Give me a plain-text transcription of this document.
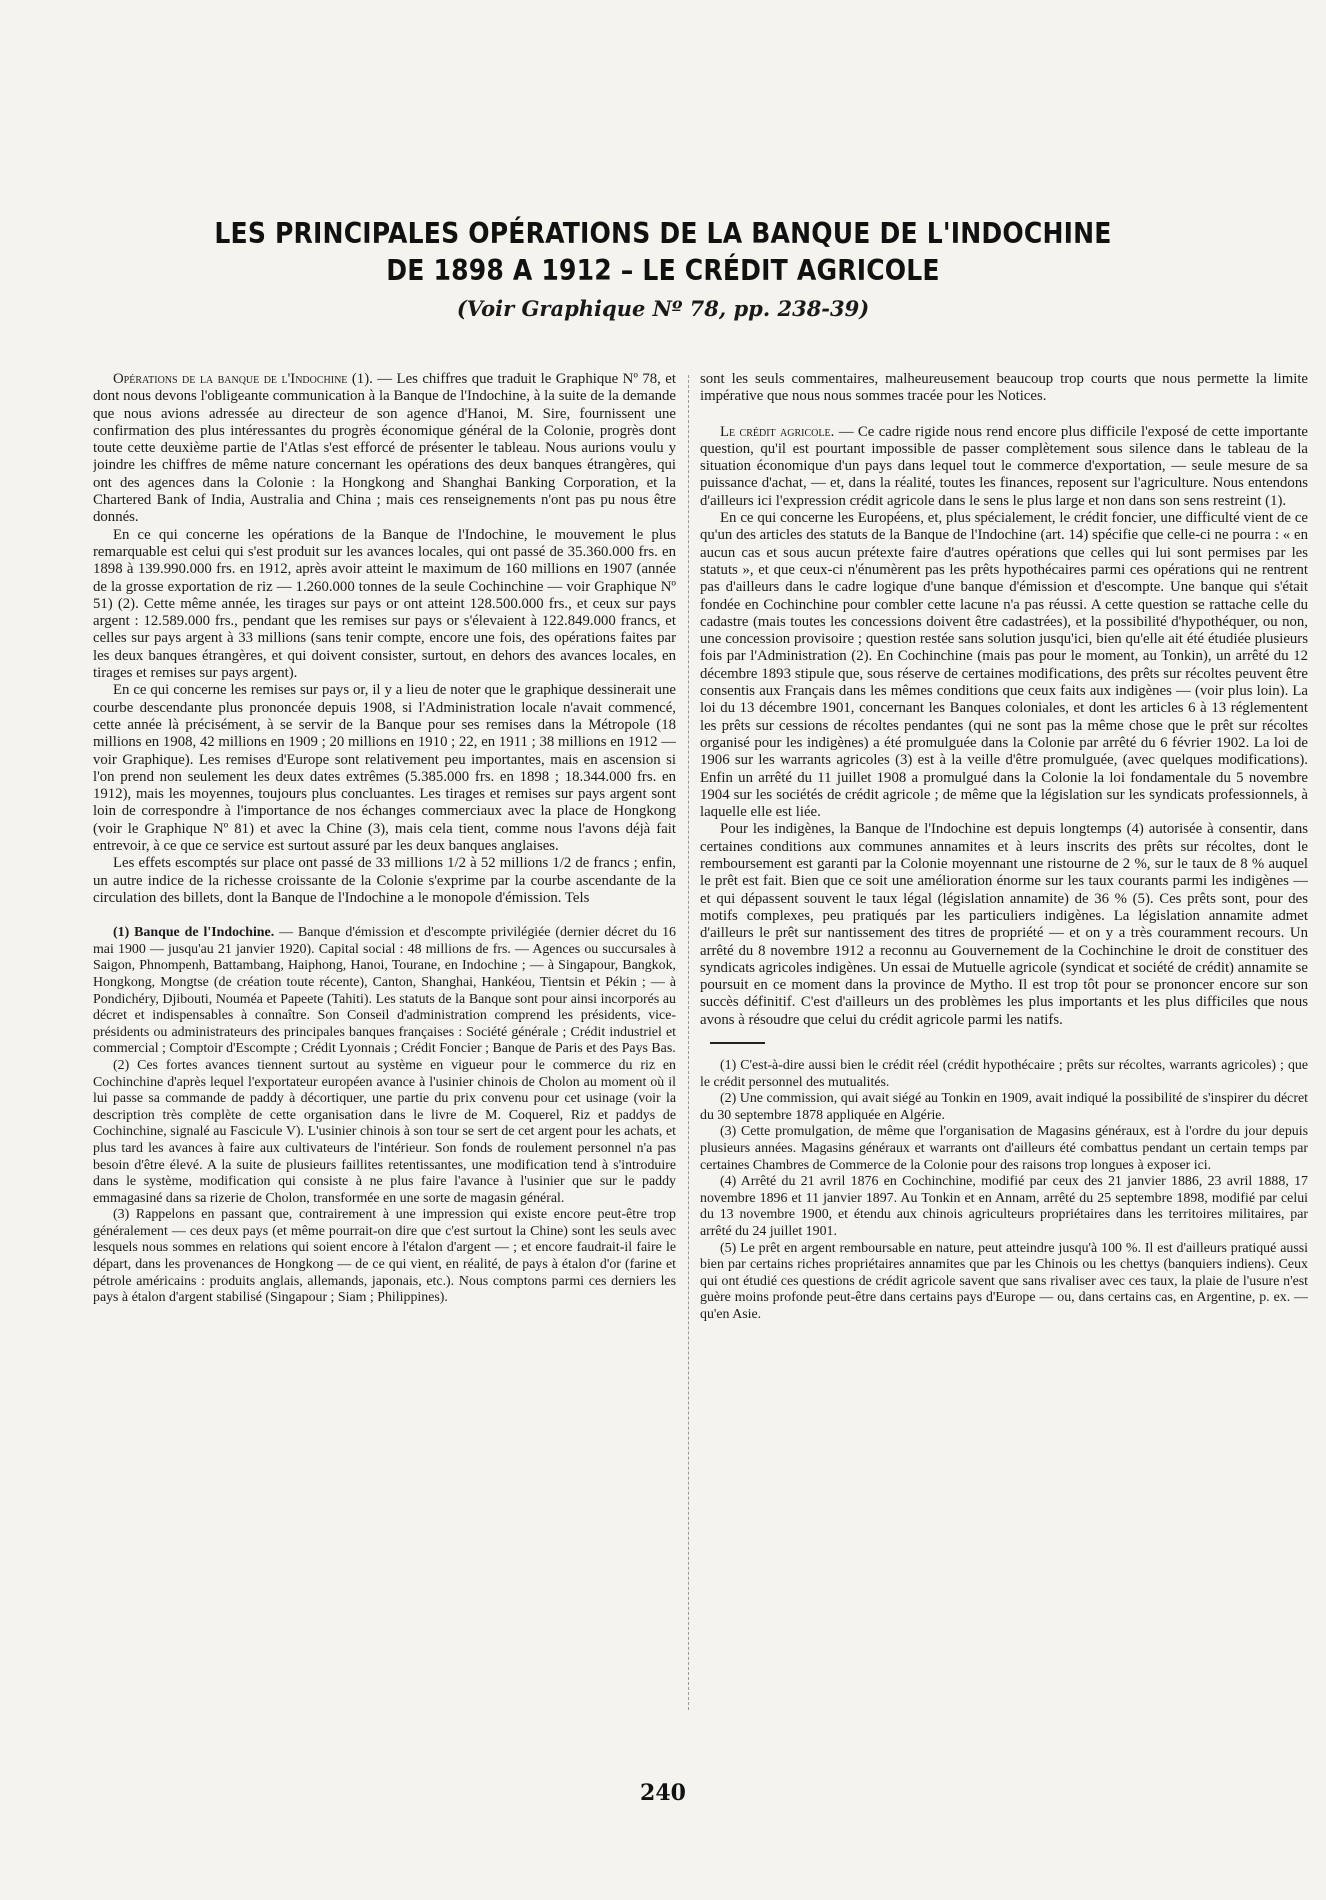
LES PRINCIPALES OPÉRATIONS DE LA BANQUE DE L'INDOCHINE
DE 1898 A 1912 – LE CRÉDIT AGRICOLE
(Voir Graphique Nº 78, pp. 238-39)

Opérations de la banque de l'Indochine (1). — Les chiffres que traduit le Graphique Nº 78, et dont nous devons l'obligeante communication à la Banque de l'Indochine, à la suite de la demande que nous avions adressée au directeur de son agence d'Hanoi, M. Sire, fournissent une confirmation des plus intéressantes du progrès économique général de la Colonie, progrès dont toute cette deuxième partie de l'Atlas s'est efforcé de présenter le tableau. Nous aurions voulu y joindre les chiffres de même nature concernant les opérations des deux banques étrangères, qui ont des agences dans la Colonie : la Hongkong and Shanghai Banking Corporation, et la Chartered Bank of India, Australia and China ; mais ces renseignements n'ont pas pu nous être donnés.

En ce qui concerne les opérations de la Banque de l'Indochine, le mouvement le plus remarquable est celui qui s'est produit sur les avances locales, qui ont passé de 35.360.000 frs. en 1898 à 139.990.000 frs. en 1912, après avoir atteint le maximum de 160 millions en 1907 (année de la grosse exportation de riz — 1.260.000 tonnes de la seule Cochinchine — voir Graphique Nº 51) (2). Cette même année, les tirages sur pays or ont atteint 128.500.000 frs., et ceux sur pays argent : 12.589.000 frs., pendant que les remises sur pays or s'élevaient à 122.849.000 francs, et celles sur pays argent à 33 millions (sans tenir compte, encore une fois, des opérations faites par les deux banques étrangères, et qui doivent consister, surtout, en dehors des avances locales, en tirages et remises sur pays argent).

En ce qui concerne les remises sur pays or, il y a lieu de noter que le graphique dessinerait une courbe descendante plus prononcée depuis 1908, si l'Administration locale n'avait commencé, cette année là précisément, à se servir de la Banque pour ses remises dans la Métropole (18 millions en 1908, 42 millions en 1909 ; 20 millions en 1910 ; 22, en 1911 ; 38 millions en 1912 — voir Graphique). Les remises d'Europe sont relativement peu importantes, mais en ascension si l'on prend non seulement les deux dates extrêmes (5.385.000 frs. en 1898 ; 18.344.000 frs. en 1912), mais les moyennes, toujours plus concluantes. Les tirages et remises sur pays argent sont loin de correspondre à l'importance de nos échanges commerciaux avec la place de Hongkong (voir le Graphique Nº 81) et avec la Chine (3), mais cela tient, comme nous l'avons déjà fait entrevoir, à ce que ce service est surtout assuré par les deux banques anglaises.

Les effets escomptés sur place ont passé de 33 millions 1/2 à 52 millions 1/2 de francs ; enfin, un autre indice de la richesse croissante de la Colonie s'exprime par la courbe ascendante de la circulation des billets, dont la Banque de l'Indochine a le monopole d'émission. Tels

(1) Banque de l'Indochine. — Banque d'émission et d'escompte privilégiée (dernier décret du 16 mai 1900 — jusqu'au 21 janvier 1920). Capital social : 48 millions de frs. — Agences ou succursales à Saigon, Phnompenh, Battambang, Haiphong, Hanoi, Tourane, en Indochine ; — à Singapour, Bangkok, Hongkong, Mongtse (de création toute récente), Canton, Shanghai, Hankéou, Tientsin et Pékin ; — à Pondichéry, Djibouti, Nouméa et Papeete (Tahiti). Les statuts de la Banque sont pour ainsi incorporés au décret et indispensables à connaître. Son Conseil d'administration comprend les présidents, vice-présidents ou administrateurs des principales banques françaises : Société générale ; Crédit industriel et commercial ; Comptoir d'Escompte ; Crédit Lyonnais ; Crédit Foncier ; Banque de Paris et des Pays Bas.

(2) Ces fortes avances tiennent surtout au système en vigueur pour le commerce du riz en Cochinchine d'après lequel l'exportateur européen avance à l'usinier chinois de Cholon au moment où il lui passe sa commande de paddy à décortiquer, une partie du prix convenu pour cet usinage (voir la description très complète de cette organisation dans le livre de M. Coquerel, Riz et paddys de Cochinchine, signalé au Fascicule V). L'usinier chinois à son tour se sert de cet argent pour les achats, et plus tard les avances à faire aux cultivateurs de l'intérieur. Son fonds de roulement personnel n'a pas besoin d'être élevé. A la suite de plusieurs faillites retentissantes, une modification tend à s'introduire dans le système, modification qui consiste à ne plus faire l'avance à l'usinier que sur le paddy emmagasiné dans sa rizerie de Cholon, transformée en une sorte de magasin général.

(3) Rappelons en passant que, contrairement à une impression qui existe encore peut-être trop généralement — ces deux pays (et même pourrait-on dire que c'est surtout la Chine) sont les seuls avec lesquels nous sommes en relations qui soient encore à l'étalon d'argent — ; et encore faudrait-il faire le départ, dans les provenances de Hongkong — de ce qui vient, en réalité, de pays à étalon d'or (farine et pétrole américains : produits anglais, allemands, japonais, etc.). Nous comptons parmi ces derniers les pays à étalon d'argent stabilisé (Singapour ; Siam ; Philippines).

sont les seuls commentaires, malheureusement beaucoup trop courts que nous permette la limite impérative que nous nous sommes tracée pour les Notices.

Le crédit agricole. — Ce cadre rigide nous rend encore plus difficile l'exposé de cette importante question, qu'il est pourtant impossible de passer complètement sous silence dans le tableau de la situation économique d'un pays dans lequel tout le commerce d'exportation, — seule mesure de sa puissance d'achat, — et, dans la réalité, toutes les finances, reposent sur l'agriculture. Nous entendons d'ailleurs ici l'expression crédit agricole dans le sens le plus large et non dans son sens restreint (1).

En ce qui concerne les Européens, et, plus spécialement, le crédit foncier, une difficulté vient de ce qu'un des articles des statuts de la Banque de l'Indochine (art. 14) spécifie que celle-ci ne pourra : « en aucun cas et sous aucun prétexte faire d'autres opérations que celles qui lui sont permises par les statuts », et que ceux-ci n'énumèrent pas les prêts hypothécaires parmi ces opérations qui ne rentrent pas d'ailleurs dans le cadre logique d'une banque d'émission et d'escompte. Une banque qui s'était fondée en Cochinchine pour combler cette lacune n'a pas réussi. A cette question se rattache celle du cadastre (mais toutes les concessions doivent être cadastrées), et la possibilité d'hypothéquer, ou non, une concession provisoire ; question restée sans solution jusqu'ici, bien qu'elle ait été étudiée plusieurs fois par l'Administration (2). En Cochinchine (mais pas pour le moment, au Tonkin), un arrêté du 12 décembre 1893 stipule que, sous réserve de certaines modifications, des prêts sur récoltes peuvent être consentis aux Français dans les mêmes conditions que ceux faits aux indigènes — (voir plus loin). La loi du 13 décembre 1901, concernant les Banques coloniales, et dont les articles 6 à 13 réglementent les prêts sur cessions de récoltes pendantes (qui ne sont pas la même chose que le prêt sur récoltes organisé pour les indigènes) a été promulguée dans la Colonie par arrêté du 6 février 1902. La loi de 1906 sur les warrants agricoles (3) est à la veille d'être promulguée, (avec quelques modifications). Enfin un arrêté du 11 juillet 1908 a promulgué dans la Colonie la loi fondamentale du 5 novembre 1904 sur les sociétés de crédit agricole ; de même que la législation sur les syndicats professionnels, à laquelle elle est liée.

Pour les indigènes, la Banque de l'Indochine est depuis longtemps (4) autorisée à consentir, dans certaines conditions aux communes annamites et à leurs inscrits des prêts sur récoltes, dont le remboursement est garanti par la Colonie moyennant une ristourne de 2 %, sur le taux de 8 % auquel le prêt est fait. Bien que ce soit une amélioration énorme sur les taux courants parmi les indigènes — et qui dépassent souvent le taux légal (législation annamite) de 36 % (5). Ces prêts sont, pour des motifs complexes, peu pratiqués par les particuliers indigènes. La législation annamite admet d'ailleurs le prêt sur nantissement des titres de propriété — et on y a très couramment recours. Un arrêté du 8 novembre 1912 a reconnu au Gouvernement de la Cochinchine le droit de constituer des syndicats agricoles indigènes. Un essai de Mutuelle agricole (syndicat et société de crédit) annamite se poursuit en ce moment dans la province de Mytho. Il est trop tôt pour se prononcer encore sur son succès définitif. C'est d'ailleurs un des problèmes les plus importants et les plus difficiles que nous avons à résoudre que celui du crédit agricole parmi les natifs.

(1) C'est-à-dire aussi bien le crédit réel (crédit hypothécaire ; prêts sur récoltes, warrants agricoles) ; que le crédit personnel des mutualités.

(2) Une commission, qui avait siégé au Tonkin en 1909, avait indiqué la possibilité de s'inspirer du décret du 30 septembre 1878 appliquée en Algérie.

(3) Cette promulgation, de même que l'organisation de Magasins généraux, est à l'ordre du jour depuis plusieurs années. Magasins généraux et warrants ont d'ailleurs été combattus pendant un certain temps par certaines Chambres de Commerce de la Colonie pour des raisons trop longues à exposer ici.

(4) Arrêté du 21 avril 1876 en Cochinchine, modifié par ceux des 21 janvier 1886, 23 avril 1888, 17 novembre 1896 et 11 janvier 1897. Au Tonkin et en Annam, arrêté du 25 septembre 1898, modifié par celui du 13 novembre 1900, et étendu aux chinois agriculteurs propriétaires dans les territoires militaires, par arrêté du 24 juillet 1901.

(5) Le prêt en argent remboursable en nature, peut atteindre jusqu'à 100 %. Il est d'ailleurs pratiqué aussi bien par certains riches propriétaires annamites que par les Chinois ou les chettys (banquiers indiens). Ceux qui ont étudié ces questions de crédit agricole savent que sans rivaliser avec ces taux, la plaie de l'usure n'est guère moins profonde peut-être dans certains pays d'Europe — ou, dans certains cas, en Argentine, p. ex. — qu'en Asie.

240
